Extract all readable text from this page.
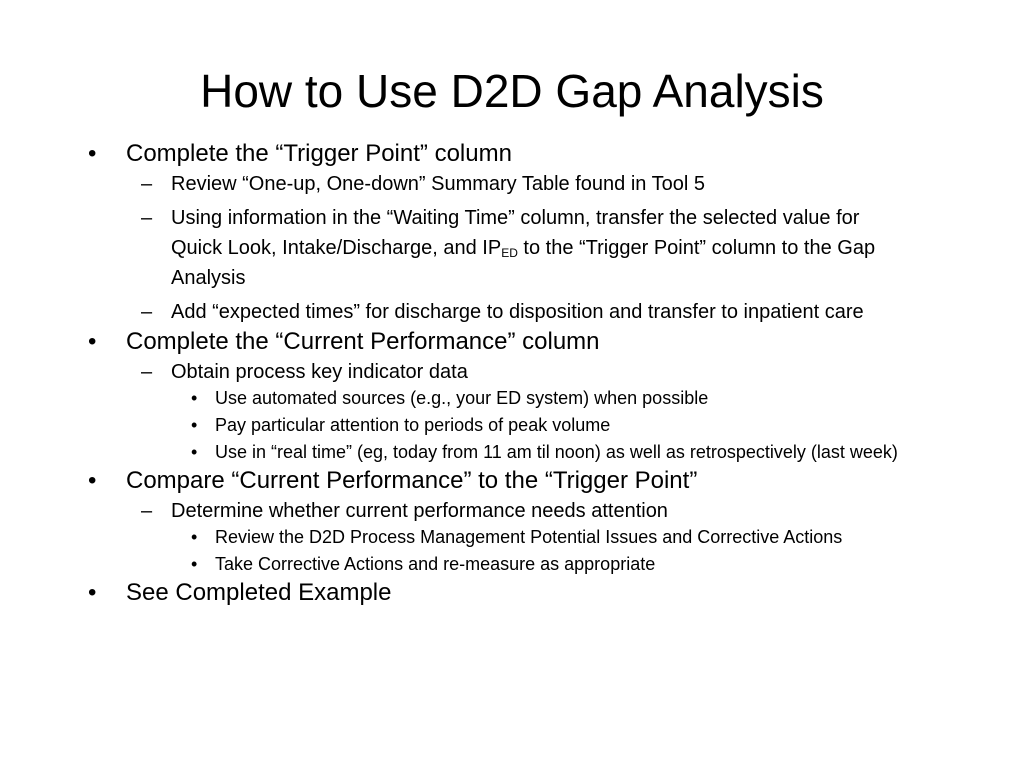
How to Use D2D Gap Analysis
• Complete the “Trigger Point” column
– Review “One-up, One-down” Summary Table found in Tool 5
– Using information in the “Waiting Time” column, transfer the selected value for Quick Look, Intake/Discharge, and $IP_{ED}$ to the “Trigger Point” column to the Gap Analysis
– Add “expected times” for discharge to disposition and transfer to inpatient care
• Complete the “Current Performance” column
– Obtain process key indicator data
• Use automated sources (e.g., your ED system) when possible
• Pay particular attention to periods of peak volume
• Use in “real time” (eg, today from 11 am til noon) as well as retrospectively (last week)
• Compare “Current Performance” to the “Trigger Point”
– Determine whether current performance needs attention
• Review the D2D Process Management Potential Issues and Corrective Actions
• Take Corrective Actions and re-measure as appropriate
• See Completed Example
